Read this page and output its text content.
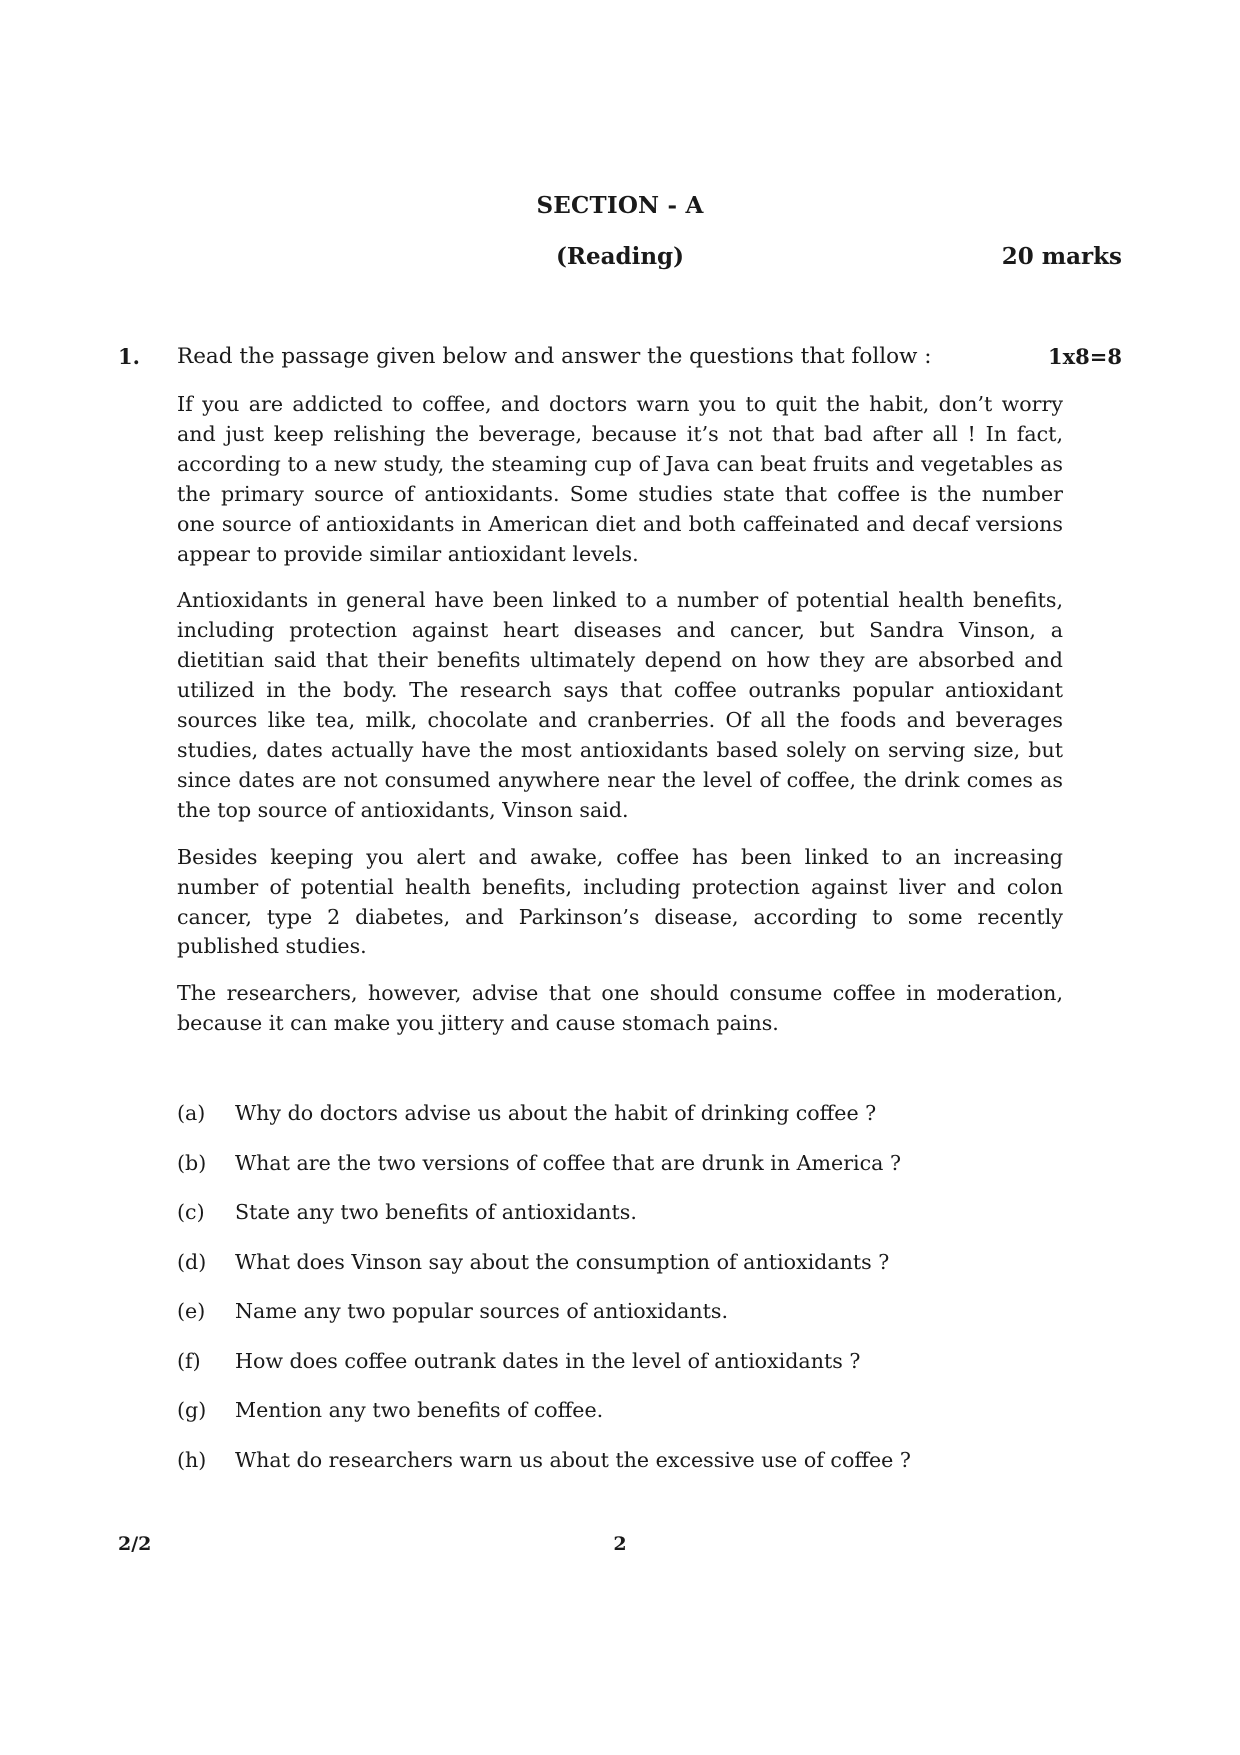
SECTION - A
(Reading)	20 marks
1. Read the passage given below and answer the questions that follow :	1x8=8

If you are addicted to coffee, and doctors warn you to quit the habit, don’t worry and just keep relishing the beverage, because it’s not that bad after all ! In fact, according to a new study, the steaming cup of Java can beat fruits and vegetables as the primary source of antioxidants. Some studies state that coffee is the number one source of antioxidants in American diet and both caffeinated and decaf versions appear to provide similar antioxidant levels.

Antioxidants in general have been linked to a number of potential health benefits, including protection against heart diseases and cancer, but Sandra Vinson, a dietitian said that their benefits ultimately depend on how they are absorbed and utilized in the body. The research says that coffee outranks popular antioxidant sources like tea, milk, chocolate and cranberries. Of all the foods and beverages studies, dates actually have the most antioxidants based solely on serving size, but since dates are not consumed anywhere near the level of coffee, the drink comes as the top source of antioxidants, Vinson said.

Besides keeping you alert and awake, coffee has been linked to an increasing number of potential health benefits, including protection against liver and colon cancer, type 2 diabetes, and Parkinson’s disease, according to some recently published studies.

The researchers, however, advise that one should consume coffee in moderation, because it can make you jittery and cause stomach pains.

(a)	Why do doctors advise us about the habit of drinking coffee ?
(b)	What are the two versions of coffee that are drunk in America ?
(c)	State any two benefits of antioxidants.
(d)	What does Vinson say about the consumption of antioxidants ?
(e)	Name any two popular sources of antioxidants.
(f)	How does coffee outrank dates in the level of antioxidants ?
(g)	Mention any two benefits of coffee.
(h)	What do researchers warn us about the excessive use of coffee ?
2/2	2
